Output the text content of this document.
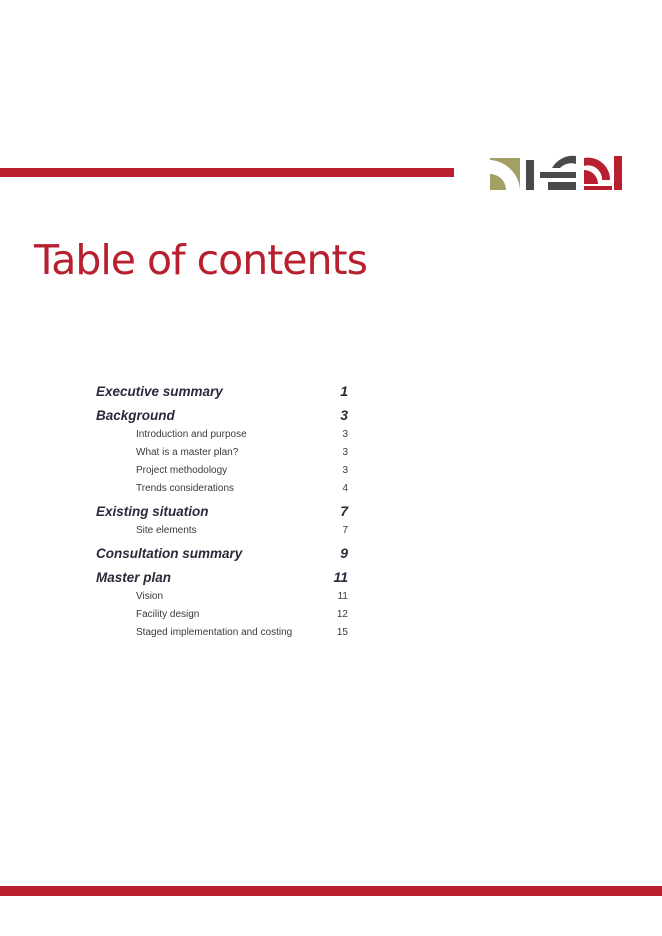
Table of contents
Executive summary	1
Background	3
Introduction and purpose	3
What is a master plan?	3
Project methodology	3
Trends considerations	4
Existing situation	7
Site elements	7
Consultation summary	9
Master plan	11
Vision	11
Facility design	12
Staged implementation and costing	15
